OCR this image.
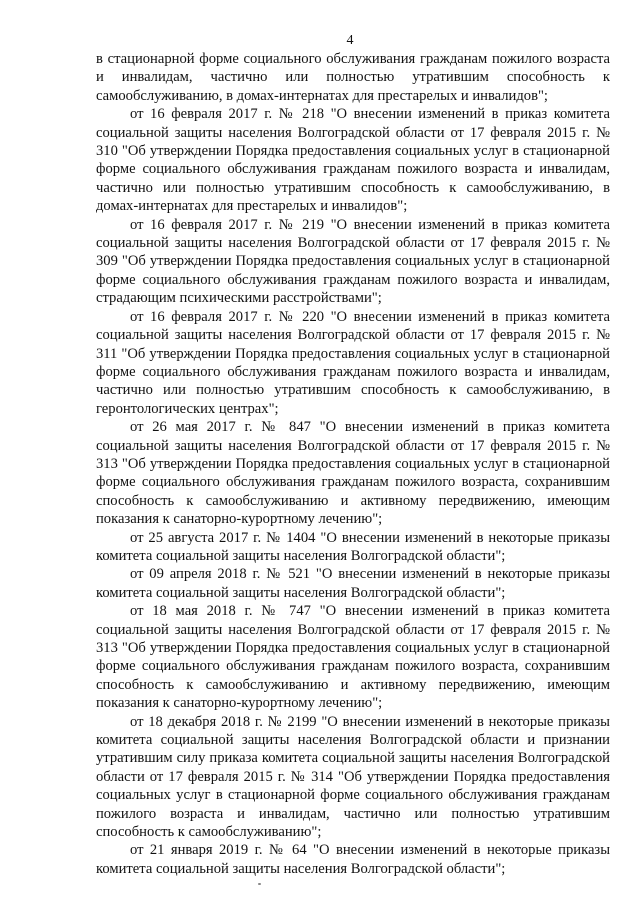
4

в стационарной форме социального обслуживания гражданам пожилого возраста и инвалидам, частично или полностью утратившим способность к самообслуживанию, в домах-интернатах для престарелых и инвалидов";

от 16 февраля 2017 г. № 218 "О внесении изменений в приказ комитета социальной защиты населения Волгоградской области от 17 февраля 2015 г. № 310 "Об утверждении Порядка предоставления социальных услуг в стационарной форме социального обслуживания гражданам пожилого возраста и инвалидам, частично или полностью утратившим способность к самообслуживанию, в домах-интернатах для престарелых и инвалидов";

от 16 февраля 2017 г. № 219 "О внесении изменений в приказ комитета социальной защиты населения Волгоградской области от 17 февраля 2015 г. № 309 "Об утверждении Порядка предоставления социальных услуг в стационарной форме социального обслуживания гражданам пожилого возраста и инвалидам, страдающим психическими расстройствами";

от 16 февраля 2017 г. № 220 "О внесении изменений в приказ комитета социальной защиты населения Волгоградской области от 17 февраля 2015 г. № 311 "Об утверждении Порядка предоставления социальных услуг в стационарной форме социального обслуживания гражданам пожилого возраста и инвалидам, частично или полностью утратившим способность к самообслуживанию, в геронтологических центрах";

от 26 мая 2017 г. № 847 "О внесении изменений в приказ комитета социальной защиты населения Волгоградской области от 17 февраля 2015 г. № 313 "Об утверждении Порядка предоставления социальных услуг в стационарной форме социального обслуживания гражданам пожилого возраста, сохранившим способность к самообслуживанию и активному передвижению, имеющим показания к санаторно-курортному лечению";

от 25 августа 2017 г. № 1404 "О внесении изменений в некоторые приказы комитета социальной защиты населения Волгоградской области";

от 09 апреля 2018 г. № 521 "О внесении изменений в некоторые приказы комитета социальной защиты населения Волгоградской области";

от 18 мая 2018 г. № 747 "О внесении изменений в приказ комитета социальной защиты населения Волгоградской области от 17 февраля 2015 г. № 313 "Об утверждении Порядка предоставления социальных услуг в стационарной форме социального обслуживания гражданам пожилого возраста, сохранившим способность к самообслуживанию и активному передвижению, имеющим показания к санаторно-курортному лечению";

от 18 декабря 2018 г. № 2199 "О внесении изменений в некоторые приказы комитета социальной защиты населения Волгоградской области и признании утратившим силу приказа комитета социальной защиты населения Волгоградской области от 17 февраля 2015 г. № 314 "Об утверждении Порядка предоставления социальных услуг в стационарной форме социального обслуживания гражданам пожилого возраста и инвалидам, частично или полностью утратившим способность к самообслуживанию";

от 21 января 2019 г. № 64 "О внесении изменений в некоторые приказы комитета социальной защиты населения Волгоградской области";
